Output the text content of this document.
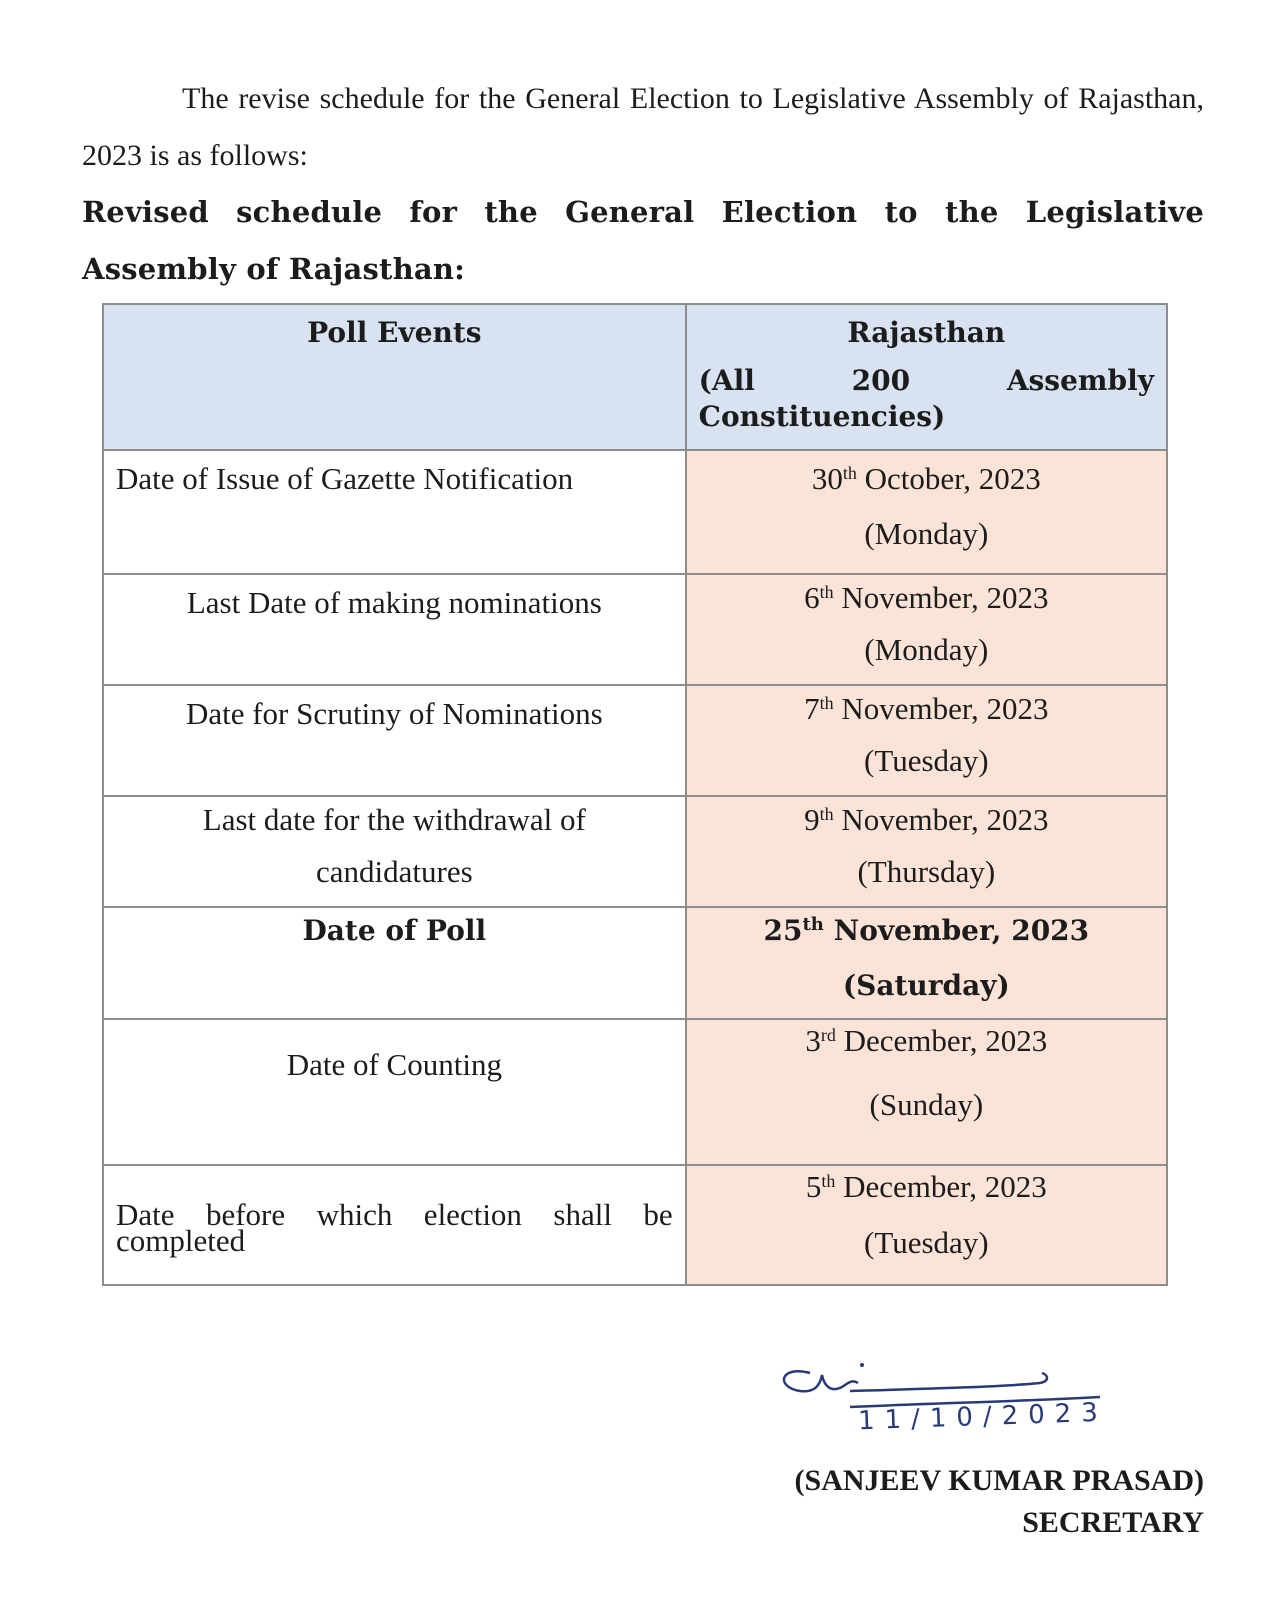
The revise schedule for the General Election to Legislative Assembly of Rajasthan, 2023 is as follows:

Revised schedule for the General Election to the Legislative
Assembly of Rajasthan:
Poll Events	Rajasthan
(All 200 Assembly
Constituencies)

Date of Issue of Gazette Notification	30th October, 2023
(Monday)

Last Date of making nominations	6th November, 2023
(Monday)

Date for Scrutiny of Nominations	7th November, 2023
(Tuesday)

Last date for the withdrawal of
candidatures	9th November, 2023
(Thursday)

Date of Poll	25th November, 2023
(Saturday)

Date of Counting	3rd December, 2023
(Sunday)

Date before which election shall be completed	5th December, 2023
(Tuesday)
11/10/2023
(SANJEEV KUMAR PRASAD)
SECRETARY
